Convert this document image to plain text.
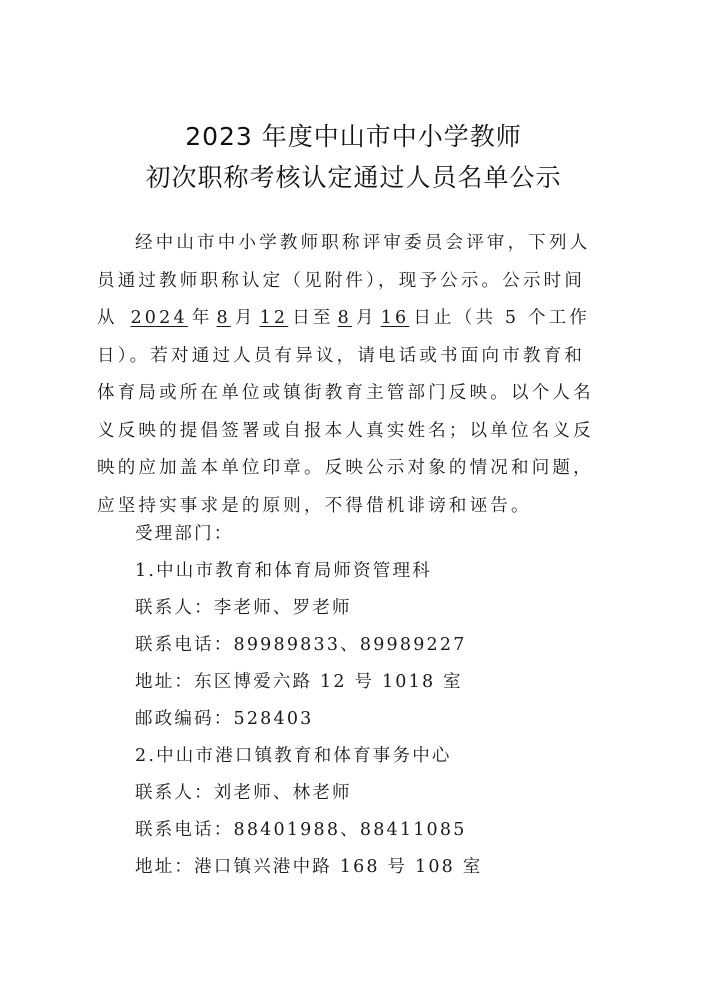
2023 年度中山市中小学教师
初次职称考核认定通过人员名单公示
经中山市中小学教师职称评审委员会评审，下列人员通过教师职称认定（见附件），现予公示。公示时间从 2024 年 8 月 12 日至 8 月 16 日止（共 5 个工作日）。若对通过人员有异议，请电话或书面向市教育和体育局或所在单位或镇街教育主管部门反映。以个人名义反映的提倡签署或自报本人真实姓名；以单位名义反映的应加盖本单位印章。反映公示对象的情况和问题，应坚持实事求是的原则，不得借机诽谤和诬告。
受理部门：
1.中山市教育和体育局师资管理科
联系人：李老师、罗老师
联系电话：89989833、89989227
地址：东区博爱六路 12 号 1018 室
邮政编码：528403
2.中山市港口镇教育和体育事务中心
联系人：刘老师、林老师
联系电话：88401988、88411085
地址：港口镇兴港中路 168 号 108 室
